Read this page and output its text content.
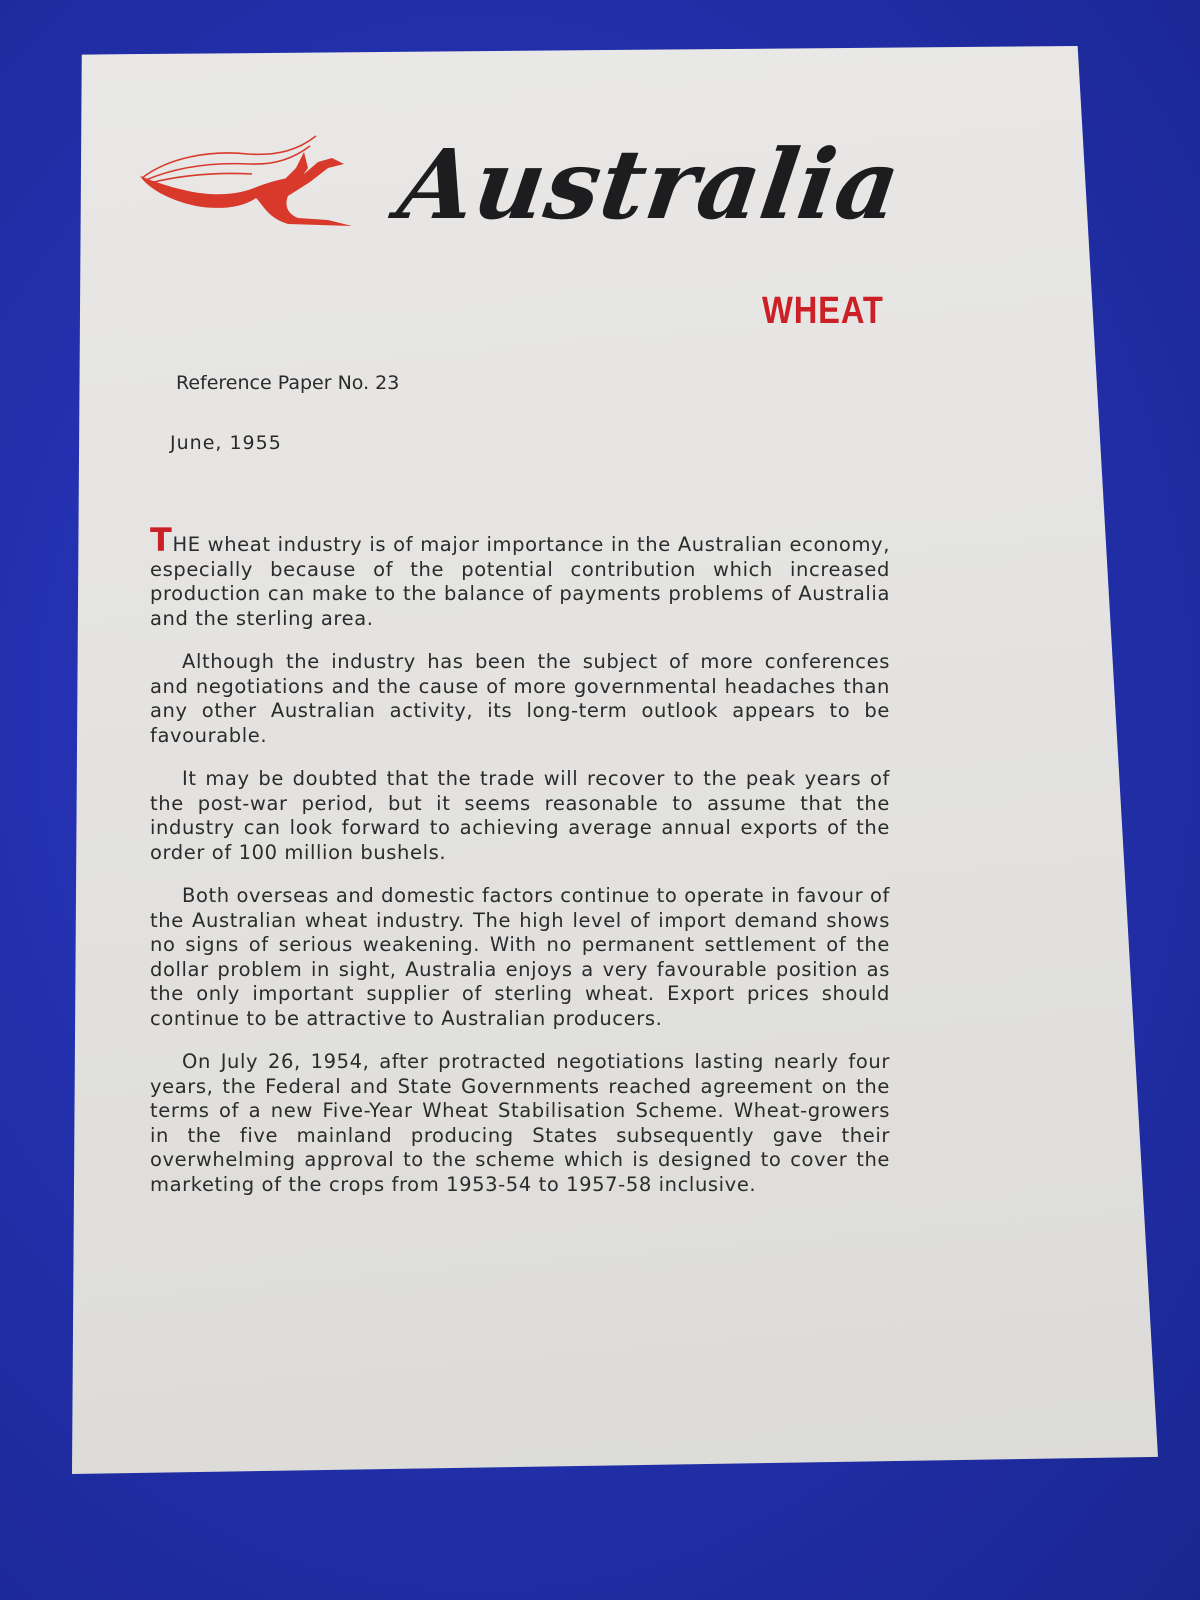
Australia
WHEAT
Reference Paper No. 23
June, 1955

THE wheat industry is of major importance in the Australian economy, especially because of the potential contribution which increased production can make to the balance of payments problems of Australia and the sterling area.

Although the industry has been the subject of more conferences and negotiations and the cause of more governmental headaches than any other Australian activity, its long-term outlook appears to be favourable.

It may be doubted that the trade will recover to the peak years of the post-war period, but it seems reasonable to assume that the industry can look forward to achieving average annual exports of the order of 100 million bushels.

Both overseas and domestic factors continue to operate in favour of the Australian wheat industry. The high level of import demand shows no signs of serious weakening. With no permanent settlement of the dollar problem in sight, Australia enjoys a very favourable position as the only important supplier of sterling wheat. Export prices should continue to be attractive to Australian producers.

On July 26, 1954, after protracted negotiations lasting nearly four years, the Federal and State Governments reached agreement on the terms of a new Five-Year Wheat Stabilisation Scheme. Wheat-growers in the five mainland producing States subsequently gave their overwhelming approval to the scheme which is designed to cover the marketing of the crops from 1953-54 to 1957-58 inclusive.
